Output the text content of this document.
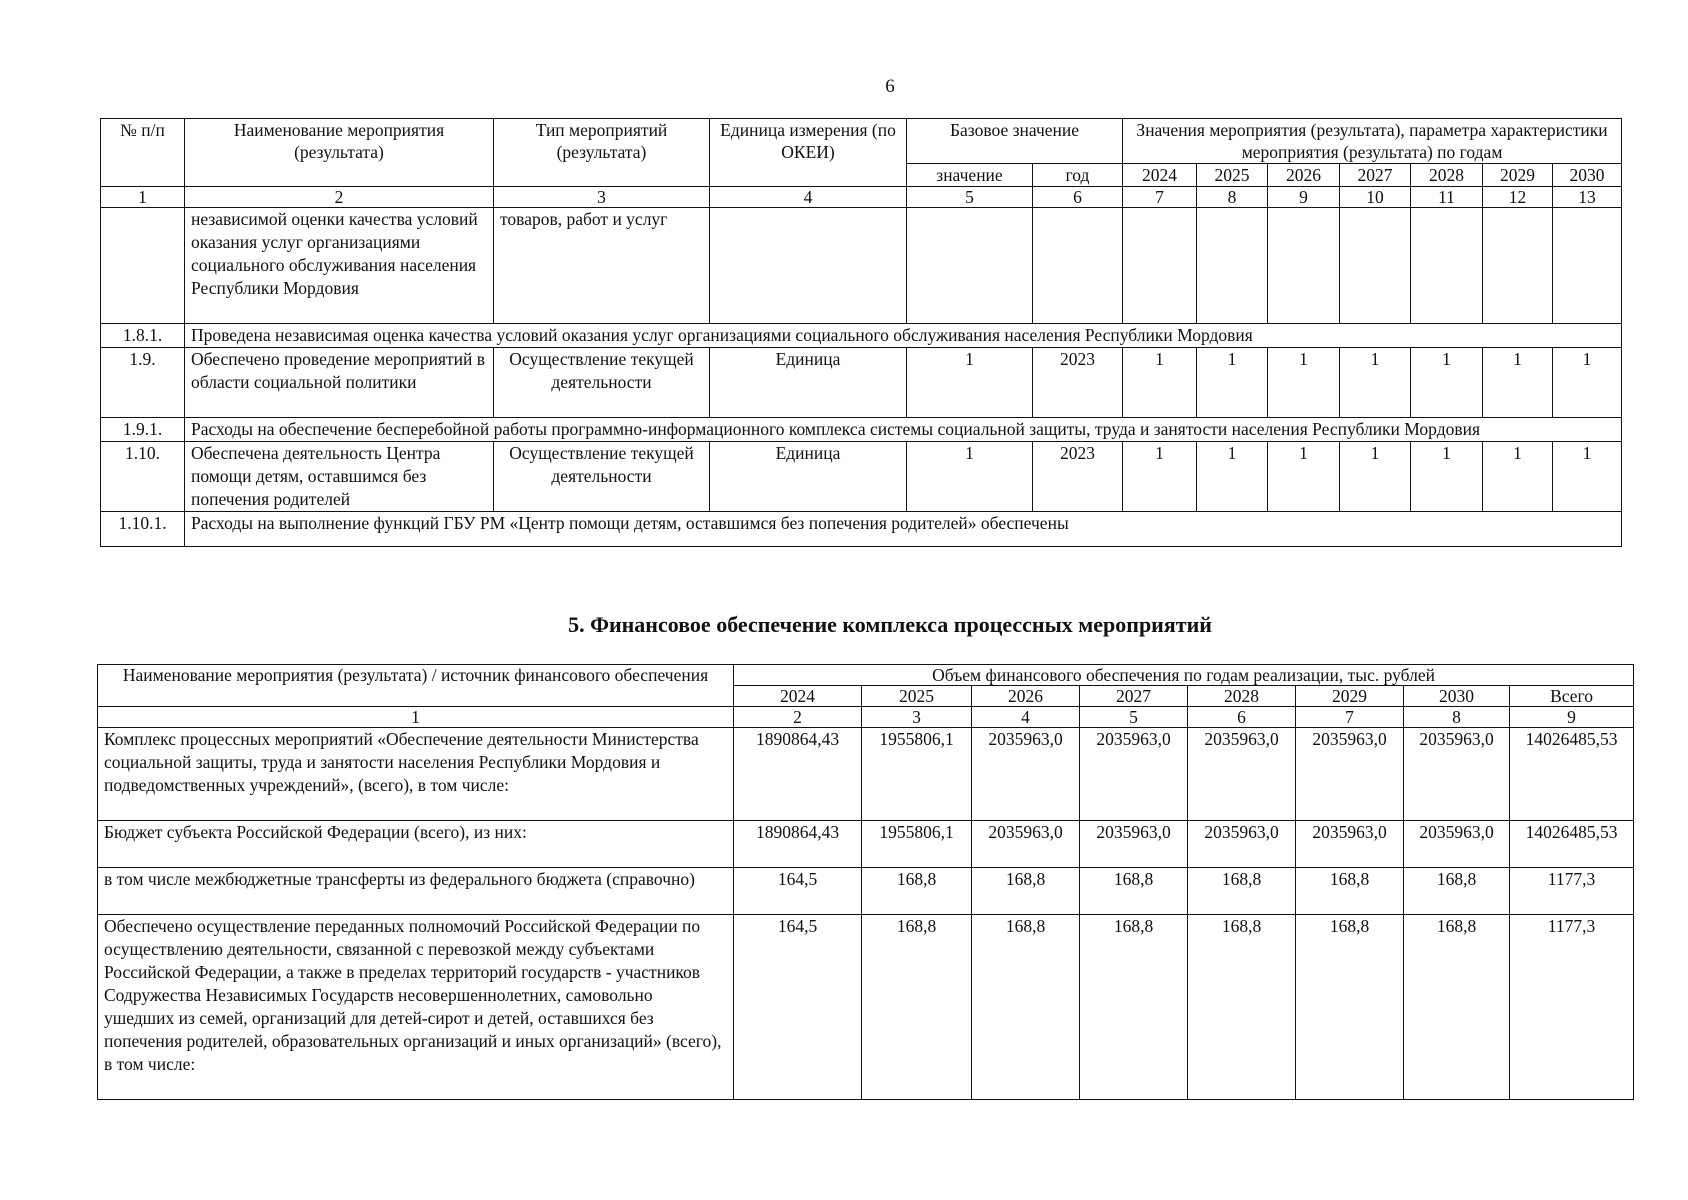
6
№ п/п	Наименование мероприятия (результата)	Тип мероприятий (результата)	Единица измерения (по ОКЕИ)	Базовое значение		Значения мероприятия (результата), параметра характеристики мероприятия (результата) по годам						
				значение	год	2024	2025	2026	2027	2028	2029	2030
1	2	3	4	5	6	7	8	9	10	11	12	13
	независимой оценки качества условий оказания услуг организациями социального обслуживания населения Республики Мордовия	товаров, работ и услуг										
1.8.1.	Проведена независимая оценка качества условий оказания услуг организациями социального обслуживания населения Республики Мордовия											
1.9.	Обеспечено проведение мероприятий в области социальной политики	Осуществление текущей деятельности	Единица	1	2023	1	1	1	1	1	1	1
1.9.1.	Расходы на обеспечение бесперебойной работы программно-информационного комплекса системы социальной защиты, труда и занятости населения Республики Мордовия											
1.10.	Обеспечена деятельность Центра помощи детям, оставшимся без попечения родителей	Осуществление текущей деятельности	Единица	1	2023	1	1	1	1	1	1	1
1.10.1.	Расходы на выполнение функций ГБУ РМ «Центр помощи детям, оставшимся без попечения родителей» обеспечены											
5. Финансовое обеспечение комплекса процессных мероприятий
Наименование мероприятия (результата) / источник финансового обеспечения	Объем финансового обеспечения по годам реализации, тыс. рублей							
	2024	2025	2026	2027	2028	2029	2030	Всего
1	2	3	4	5	6	7	8	9
Комплекс процессных мероприятий «Обеспечение деятельности Министерства социальной защиты, труда и занятости населения Республики Мордовия и подведомственных учреждений», (всего), в том числе:	1890864,43	1955806,1	2035963,0	2035963,0	2035963,0	2035963,0	2035963,0	14026485,53
Бюджет субъекта Российской Федерации (всего), из них:	1890864,43	1955806,1	2035963,0	2035963,0	2035963,0	2035963,0	2035963,0	14026485,53
в том числе межбюджетные трансферты из федерального бюджета (справочно)	164,5	168,8	168,8	168,8	168,8	168,8	168,8	1177,3
Обеспечено осуществление переданных полномочий Российской Федерации по осуществлению деятельности, связанной с перевозкой между субъектами Российской Федерации, а также в пределах территорий государств - участников Содружества Независимых Государств несовершеннолетних, самовольно ушедших из семей, организаций для детей-сирот и детей, оставшихся без попечения родителей, образовательных организаций и иных организаций» (всего), в том числе:	164,5	168,8	168,8	168,8	168,8	168,8	168,8	1177,3
